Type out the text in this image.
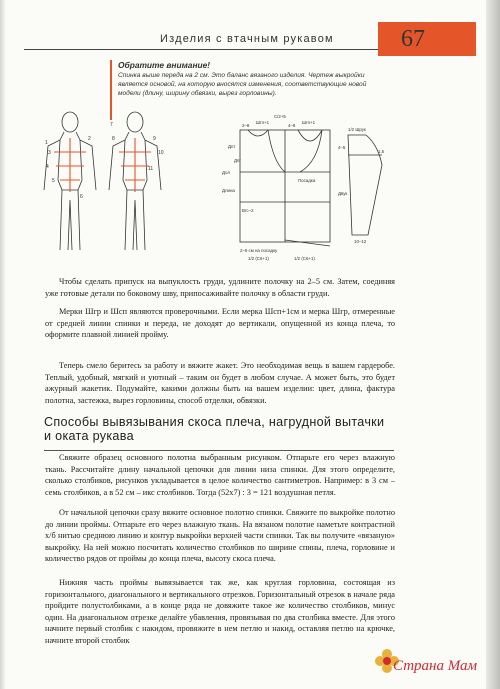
Изделия с втачным рукавом	67
Обратите внимание!
Спинка выше переда на 2 см. Это баланс вязаного изделия. Чертеж выкройки является основой, на которую вносятся изменения, соответствующие новой модели (длину, ширину обвязки, вырез горловины).
1
2
3
4
5
6
7
8	9
10
11
C/2+5
2–8
Шгп+1
4–8
Шгп+1
Дпт
Дпг
Дол
Длина
Вгс–2
Посадка
2–5 см на посадку
1/2 (C6+1)	1/2 (C6+1)
1/2 Шрук
4–5
1,5
Двук
10–12

Чтобы сделать припуск на выпуклость груди, удлините полочку на 2–5 см. Затем, соединяя уже готовые детали по боковому шву, припосаживайте полочку в области груди.

Мерки Шгр и Шсп являются проверочными. Если мерка Шсп+1см и мерка Шгр, отмеренные от средней линии спинки и переда, не доходят до вертикали, опущенной из конца плеча, то оформите плавной линией пройму.

Теперь смело беритесь за работу и вяжите жакет. Это необходимая вещь в вашем гардеробе. Теплый, удобный, мягкий и уютный – таким он будет в любом случае. А может быть, это будет ажурный жакетик. Подумайте, какими должны быть на вашем изделии: цвет, длина, фактура полотна, застежка, вырез горловины, способ отделки, обвязки.

Способы вывязывания скоса плеча, нагрудной вытачки и оката рукава

Свяжите образец основного полотна выбранным рисунком. Отпарьте его через влажную ткань. Рассчитайте длину начальной цепочки для линии низа спинки. Для этого определите, сколько столбиков, рисунков укладывается в целое количество сантиметров. Например: в 3 см – семь столбиков, а в 52 см – икс столбиков. Тогда (52х7) : 3 = 121 воздушная петля.

От начальной цепочки сразу вяжите основное полотно спинки. Свяжите по выкройке полотно до линии проймы. Отпарьте его через влажную ткань. На вязаном полотне наметьте контрастной х/б нитью среднюю линию и контур выкройки верхней части спинки. Так вы получите «вязаную» выкройку. На ней можно посчитать количество столбиков по ширине спины, плеча, горловине и количество рядов от проймы до конца плеча, высоту скоса плеча.

Нижняя часть проймы вывязывается так же, как круглая горловина, состоящая из горизонтального, диагонального и вертикального отрезков. Горизонтальный отрезок в начале ряда пройдите полустолбиками, а в конце ряда не довяжите такое же количество столбиков, минус один. На диагональном отрезке делайте убавления, провязывая по два столбика вместе. Для этого начните первый столбик с накидом, провяжите в нем петлю и накид, оставляя петлю на крючке, начните второй столбик

Страна Мам
